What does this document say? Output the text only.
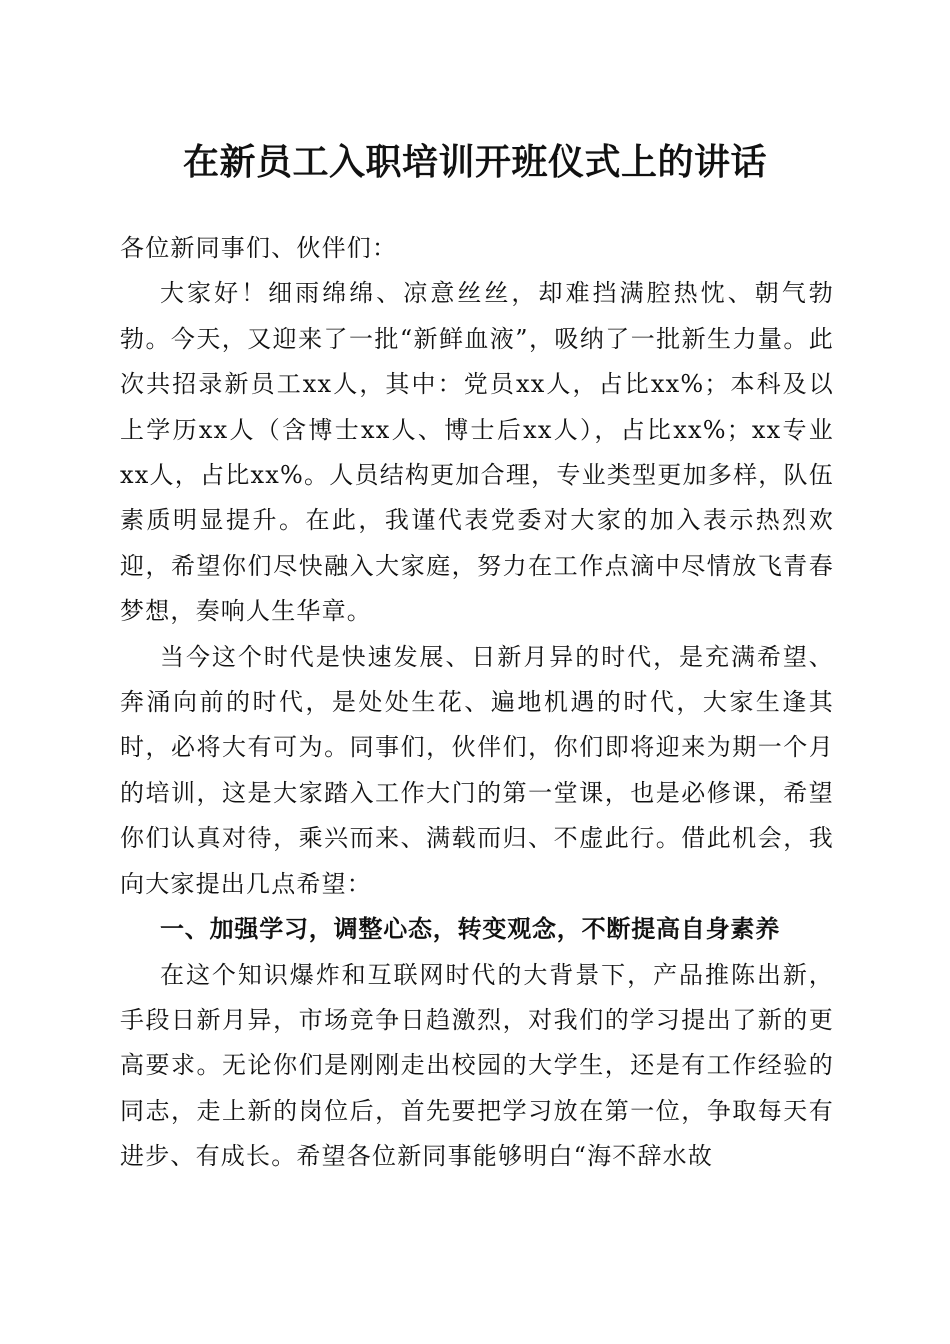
在新员工入职培训开班仪式上的讲话

各位新同事们、伙伴们：

大家好！细雨绵绵、凉意丝丝，却难挡满腔热忱、朝气勃勃。今天，又迎来了一批“新鲜血液”，吸纳了一批新生力量。此次共招录新员工xx人，其中：党员xx人，占比xx%；本科及以上学历xx人（含博士xx人、博士后xx人），占比xx%；xx专业xx人，占比xx%。人员结构更加合理，专业类型更加多样，队伍素质明显提升。在此，我谨代表党委对大家的加入表示热烈欢迎，希望你们尽快融入大家庭，努力在工作点滴中尽情放飞青春梦想，奏响人生华章。

当今这个时代是快速发展、日新月异的时代，是充满希望、奔涌向前的时代，是处处生花、遍地机遇的时代，大家生逢其时，必将大有可为。同事们，伙伴们，你们即将迎来为期一个月的培训，这是大家踏入工作大门的第一堂课，也是必修课，希望你们认真对待，乘兴而来、满载而归、不虚此行。借此机会，我向大家提出几点希望：

一、加强学习，调整心态，转变观念，不断提高自身素养

在这个知识爆炸和互联网时代的大背景下，产品推陈出新，手段日新月异，市场竞争日趋激烈，对我们的学习提出了新的更高要求。无论你们是刚刚走出校园的大学生，还是有工作经验的同志，走上新的岗位后，首先要把学习放在第一位，争取每天有进步、有成长。希望各位新同事能够明白“海不辞水故
